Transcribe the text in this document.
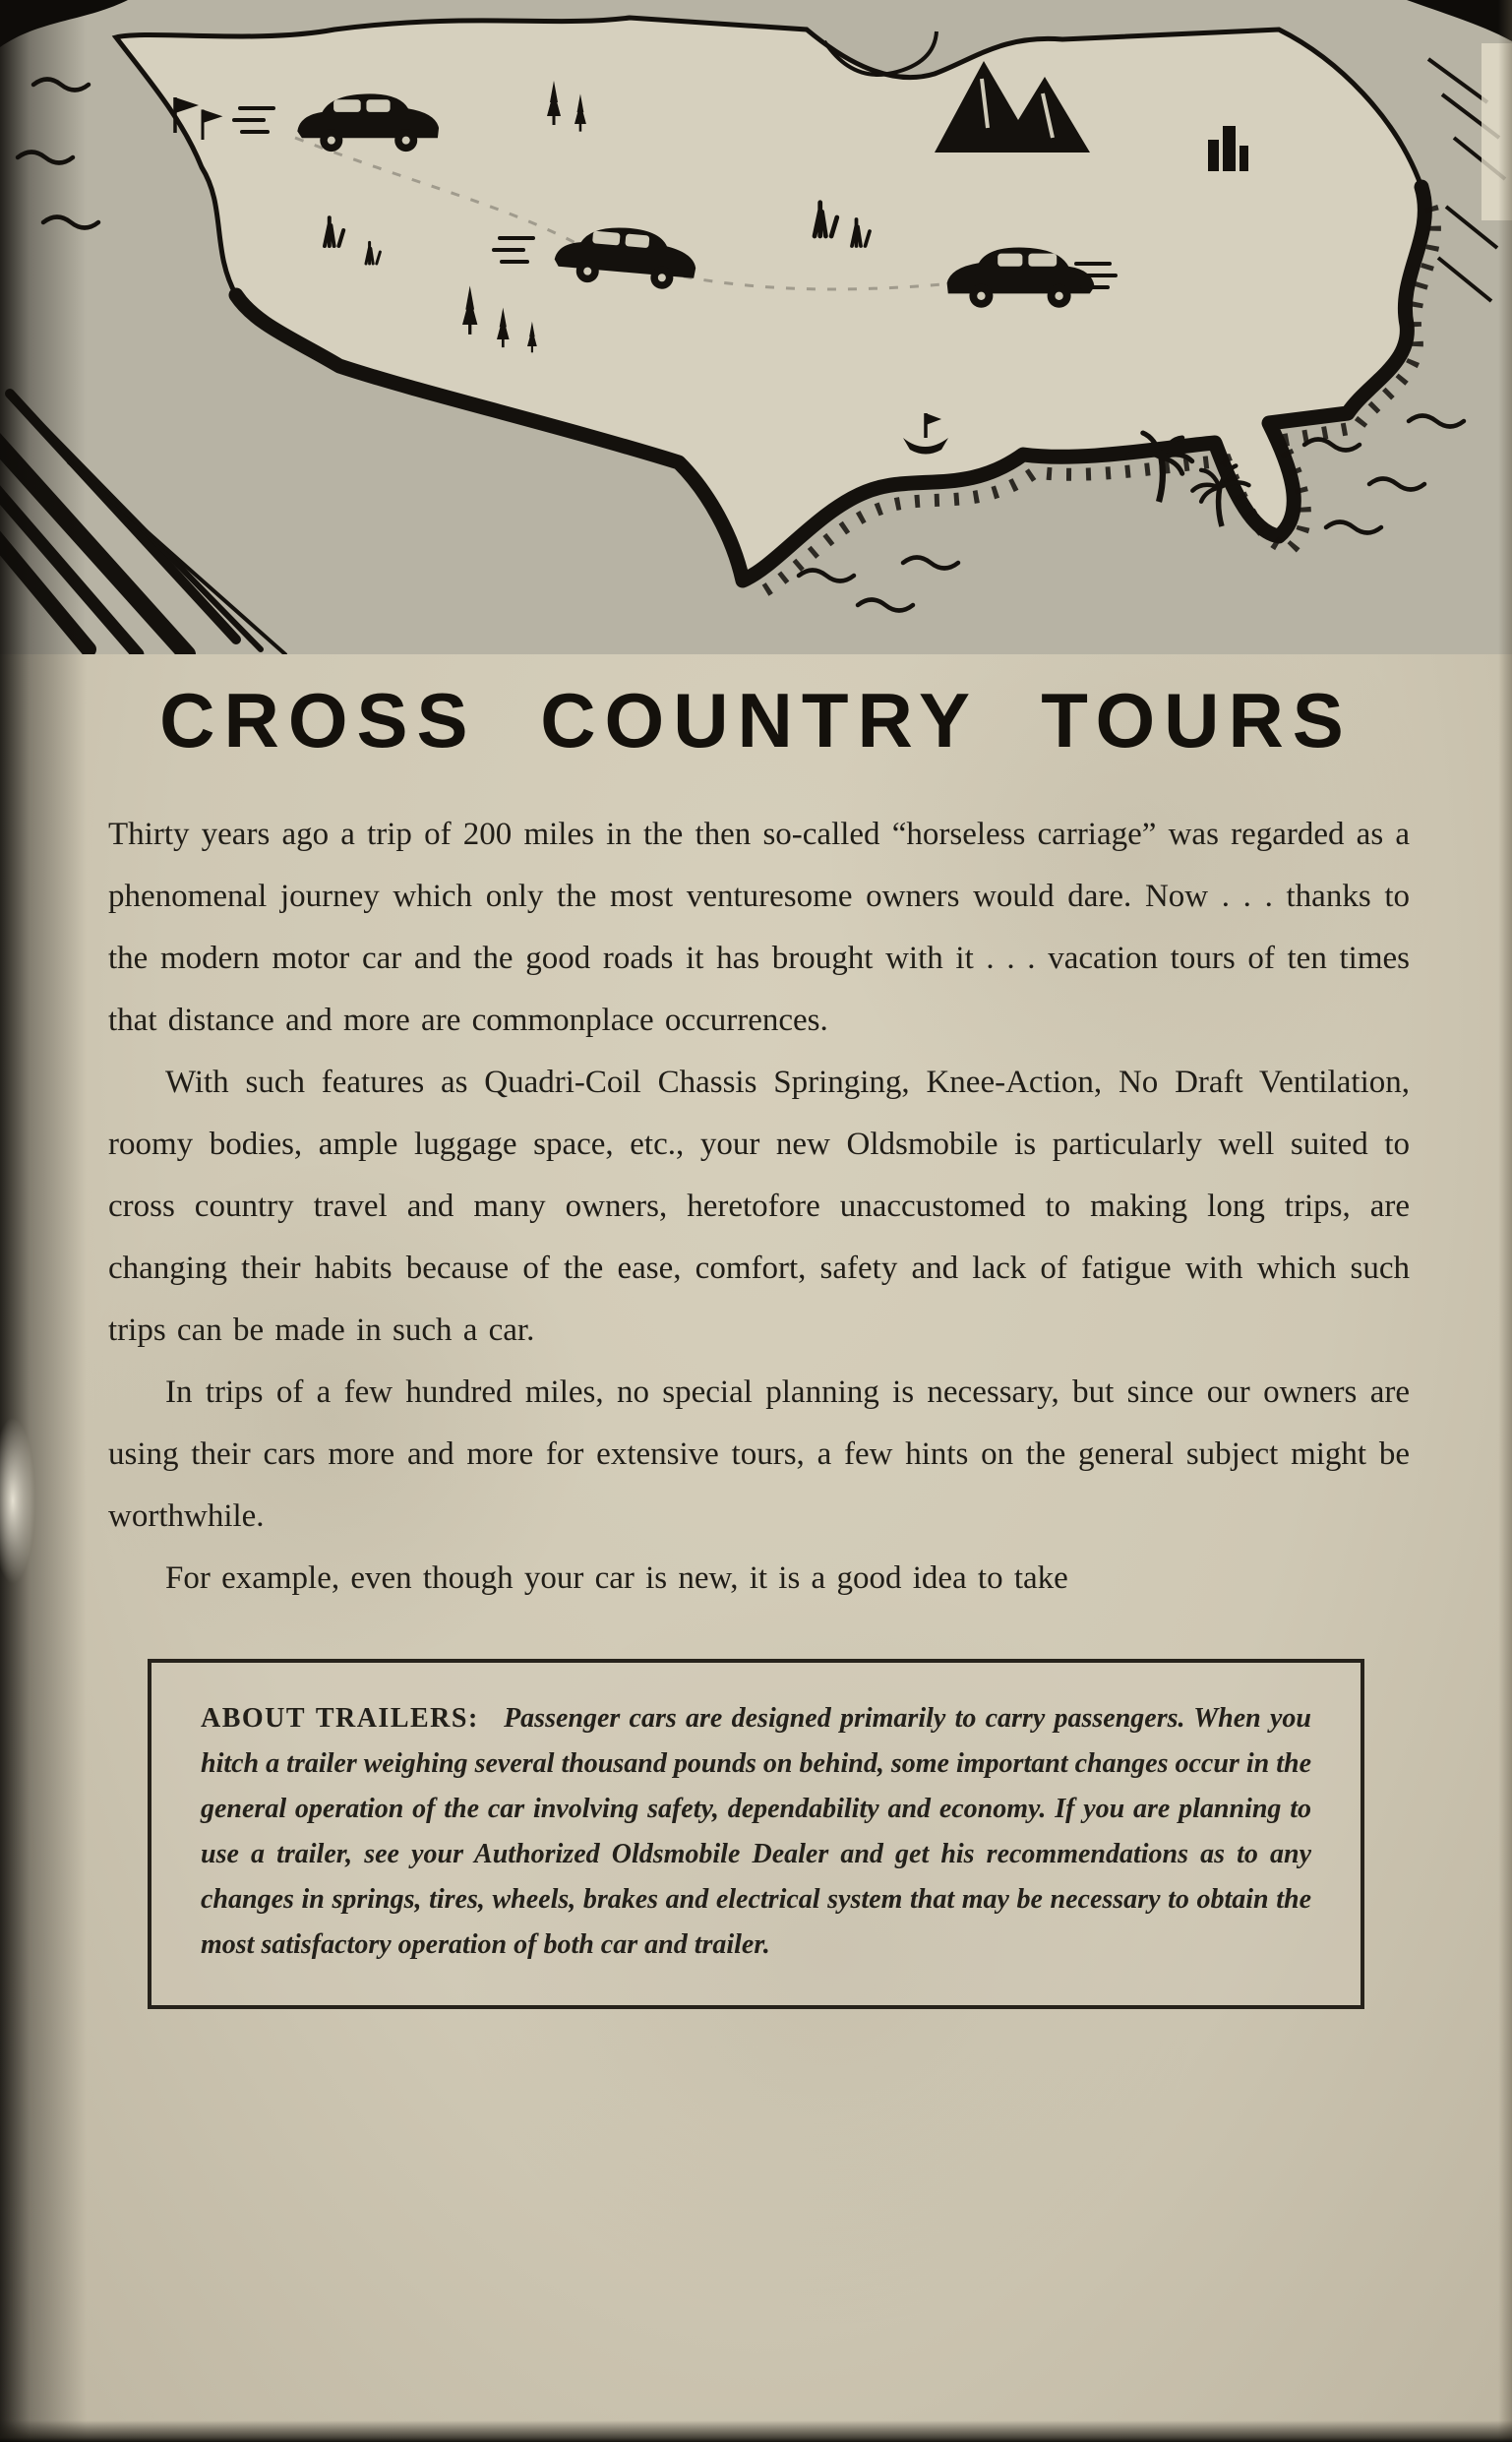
CROSS COUNTRY TOURS

Thirty years ago a trip of 200 miles in the then so-called “horseless carriage” was regarded as a phenomenal journey which only the most venturesome owners would dare. Now . . . thanks to the modern motor car and the good roads it has brought with it . . . vacation tours of ten times that distance and more are commonplace occurrences.

With such features as Quadri-Coil Chassis Springing, Knee-Action, No Draft Ventilation, roomy bodies, ample luggage space, etc., your new Oldsmobile is particularly well suited to cross country travel and many owners, heretofore unaccustomed to making long trips, are changing their habits because of the ease, comfort, safety and lack of fatigue with which such trips can be made in such a car.

In trips of a few hundred miles, no special planning is necessary, but since our owners are using their cars more and more for extensive tours, a few hints on the general subject might be worthwhile.

For example, even though your car is new, it is a good idea to take

ABOUT TRAILERS: Passenger cars are designed primarily to carry passengers. When you hitch a trailer weighing several thousand pounds on behind, some important changes occur in the general operation of the car involving safety, dependability and economy. If you are planning to use a trailer, see your Authorized Oldsmobile Dealer and get his recommendations as to any changes in springs, tires, wheels, brakes and electrical system that may be necessary to obtain the most satisfactory operation of both car and trailer.
